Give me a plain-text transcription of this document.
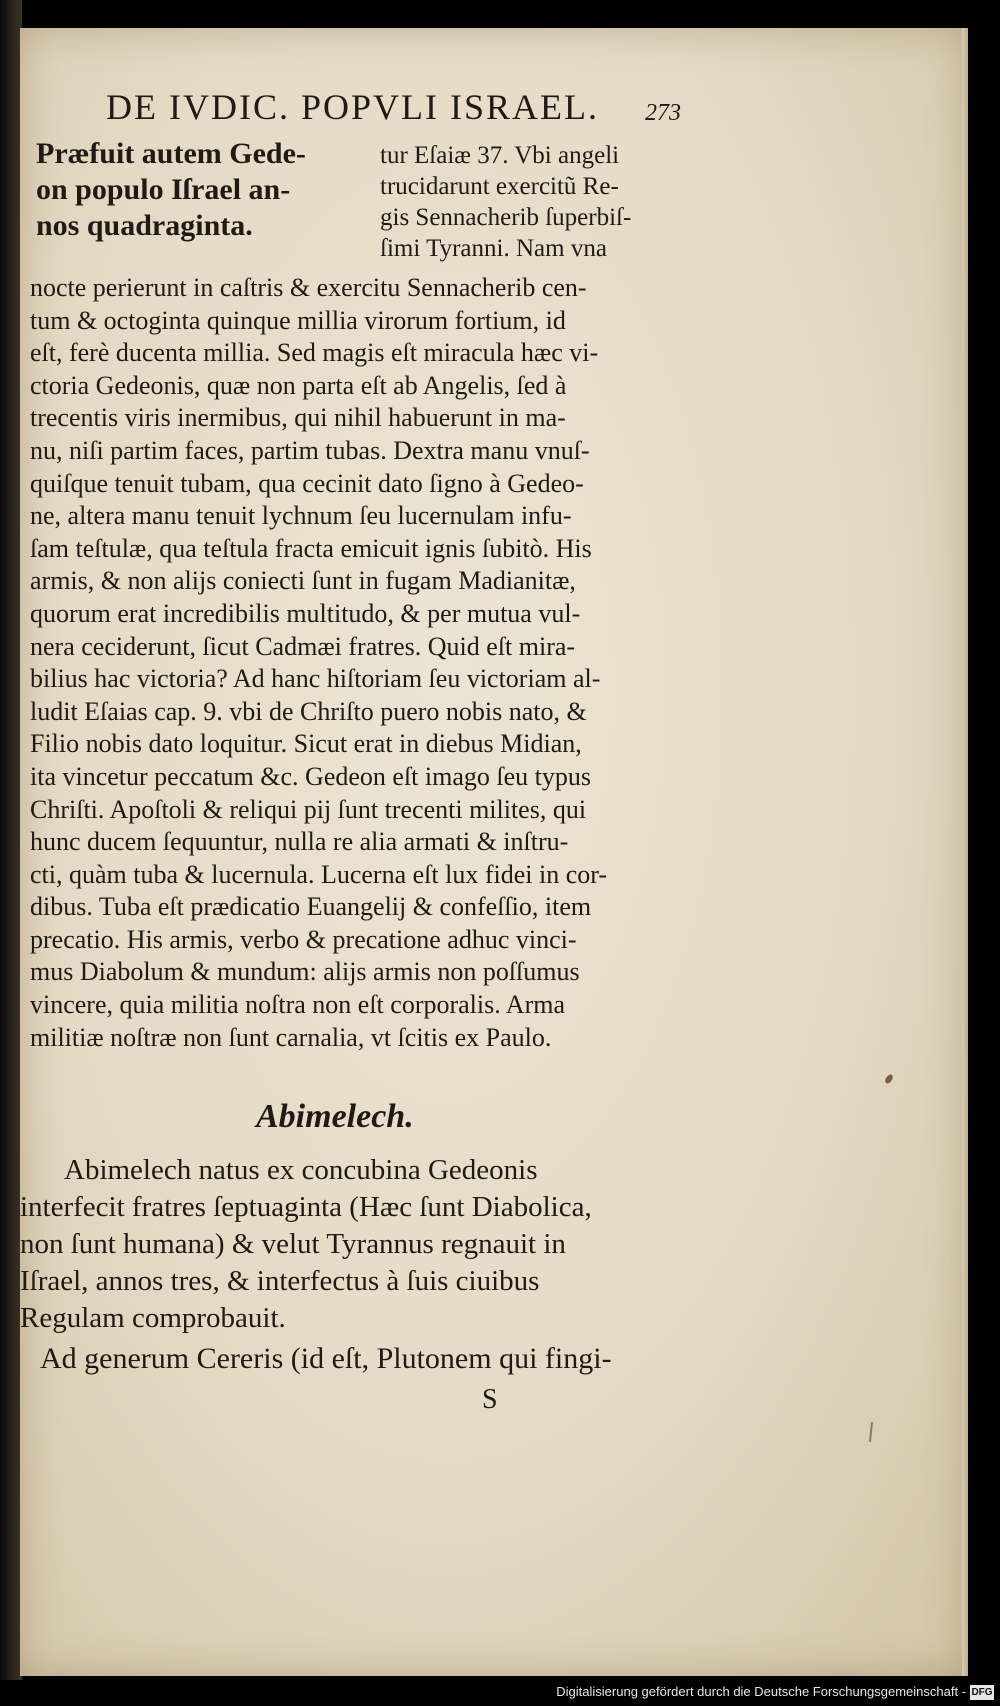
DE IVDIC. POPVLI ISRAEL. 273
Præfuit autem Gede-
on populo Iſrael an-
nos quadraginta.
tur Eſaiæ 37. Vbi angeli
trucidarunt exercitũ Re-
gis Sennacherib ſuperbiſ-
ſimi Tyranni. Nam vna
nocte perierunt in caſtris & exercitu Sennacherib cen-
tum & octoginta quinque millia virorum fortium, id
eſt, ferè ducenta millia. Sed magis eſt miracula hæc vi-
ctoria Gedeonis, quæ non parta eſt ab Angelis, ſed à
trecentis viris inermibus, qui nihil habuerunt in ma-
nu, niſi partim faces, partim tubas. Dextra manu vnuſ-
quiſque tenuit tubam, qua cecinit dato ſigno à Gedeo-
ne, altera manu tenuit lychnum ſeu lucernulam infu-
ſam teſtulæ, qua teſtula fracta emicuit ignis ſubitò. His
armis, & non alijs coniecti ſunt in fugam Madianitæ,
quorum erat incredibilis multitudo, & per mutua vul-
nera ceciderunt, ſicut Cadmæi fratres. Quid eſt mira-
bilius hac victoria? Ad hanc hiſtoriam ſeu victoriam al-
ludit Eſaias cap. 9. vbi de Chriſto puero nobis nato, &
Filio nobis dato loquitur. Sicut erat in diebus Midian,
ita vincetur peccatum &c. Gedeon eſt imago ſeu typus
Chriſti. Apoſtoli & reliqui pij ſunt trecenti milites, qui
hunc ducem ſequuntur, nulla re alia armati & inſtru-
cti, quàm tuba & lucernula. Lucerna eſt lux fidei in cor-
dibus. Tuba eſt prædicatio Euangelij & confeſſio, item
precatio. His armis, verbo & precatione adhuc vinci-
mus Diabolum & mundum: alijs armis non poſſumus
vincere, quia militia noſtra non eſt corporalis. Arma
militiæ noſtræ non ſunt carnalia, vt ſcitis ex Paulo.
Abimelech.
Abimelech natus ex concubina Gedeonis
interfecit fratres ſeptuaginta (Hæc ſunt Diabolica,
non ſunt humana) & velut Tyrannus regnauit in
Iſrael, annos tres, & interfectus à ſuis ciuibus
Regulam comprobauit.
Ad generum Cereris (id eſt, Plutonem qui fingi-
S
Digitalisierung gefördert durch die Deutsche Forschungsgemeinschaft - DFG
